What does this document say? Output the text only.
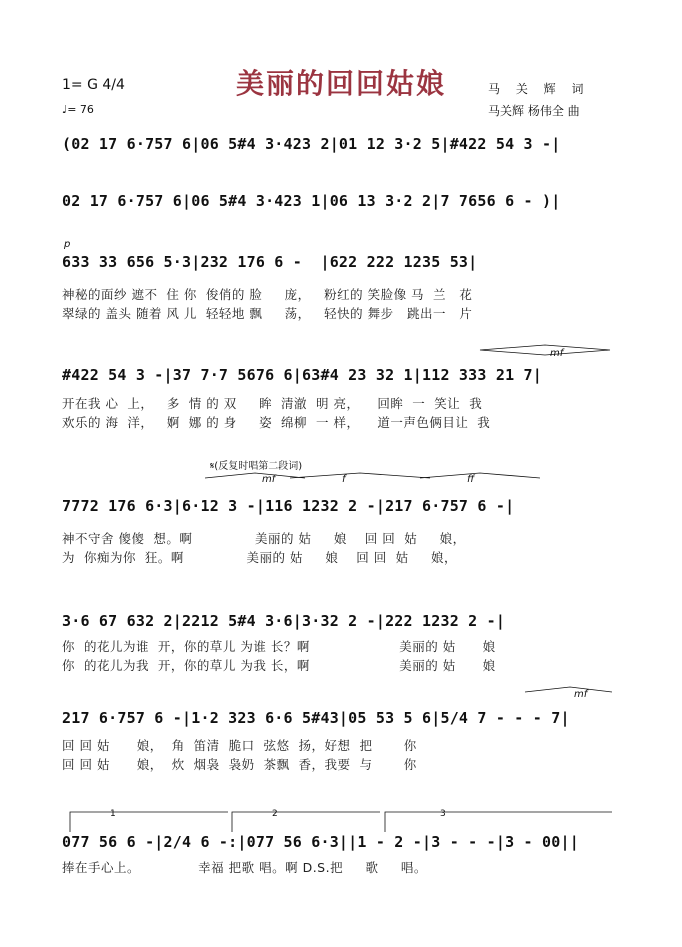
美丽的回回姑娘
1= G 4/4
♩= 76
马 关 辉 词
马关辉 杨伟全 曲
(02 17 6·757 6|06 5#4 3·423 2|01 12 3·2 5|#422 54 3 -|
02 17 6·757 6|06 5#4 3·423 1|06 13 3·2 2|7 7656 6 - )|
p
633 33 656 5·3|232 176 6 -  |622 222 1235 53|
神秘的面纱 遮不  住 你  俊俏的 脸     庞，   粉红的 笑脸像 马  兰   花
翠绿的 盖头 随着 风 儿  轻轻地 飘     荡，   轻快的 舞步   跳出一   片
mf
#422 54 3 -|37 7·7 5676 6|63#4 23 32 1|112 333 21 7|
开在我 心  上，   多  情 的 双     眸  清澈  明 亮，    回眸  一  笑让  我
欢乐的 海  洋，   婀  娜 的 身     姿  绵柳  一 样，    道一声色俩目让  我
𝄋(反复时唱第二段词)
mf	f	ff
7772 176 6·3|6·12 3 -|116 1232 2 -|217 6·757 6 -|
神不守舍 傻傻  想。啊              美丽的 姑     娘    回 回  姑     娘，
为  你痴为你  狂。啊              美丽的 姑     娘    回 回  姑     娘，
3·6 67 632 2|2212 5#4 3·6|3·32 2 -|222 1232 2 -|
你  的花儿为谁  开，你的草儿 为谁 长？啊                    美丽的 姑      娘
你  的花儿为我  开，你的草儿 为我 长，啊                    美丽的 姑      娘
mf
217 6·757 6 -|1·2 323 6·6 5#43|05 53 5 6|5/4 7 - - - 7|
回 回 姑      娘，  角  笛清  脆口  弦悠  扬，好想  把       你
回 回 姑      娘，  炊  烟袅  袅奶  茶飘  香，我要  与       你
1	2	3
077 56 6 -|2/4 6 -:|077 56 6·3||1 - 2 -|3 - - -|3 - 00||
捧在手心上。             幸福 把歌 唱。啊 D.S.把     歌     唱。
